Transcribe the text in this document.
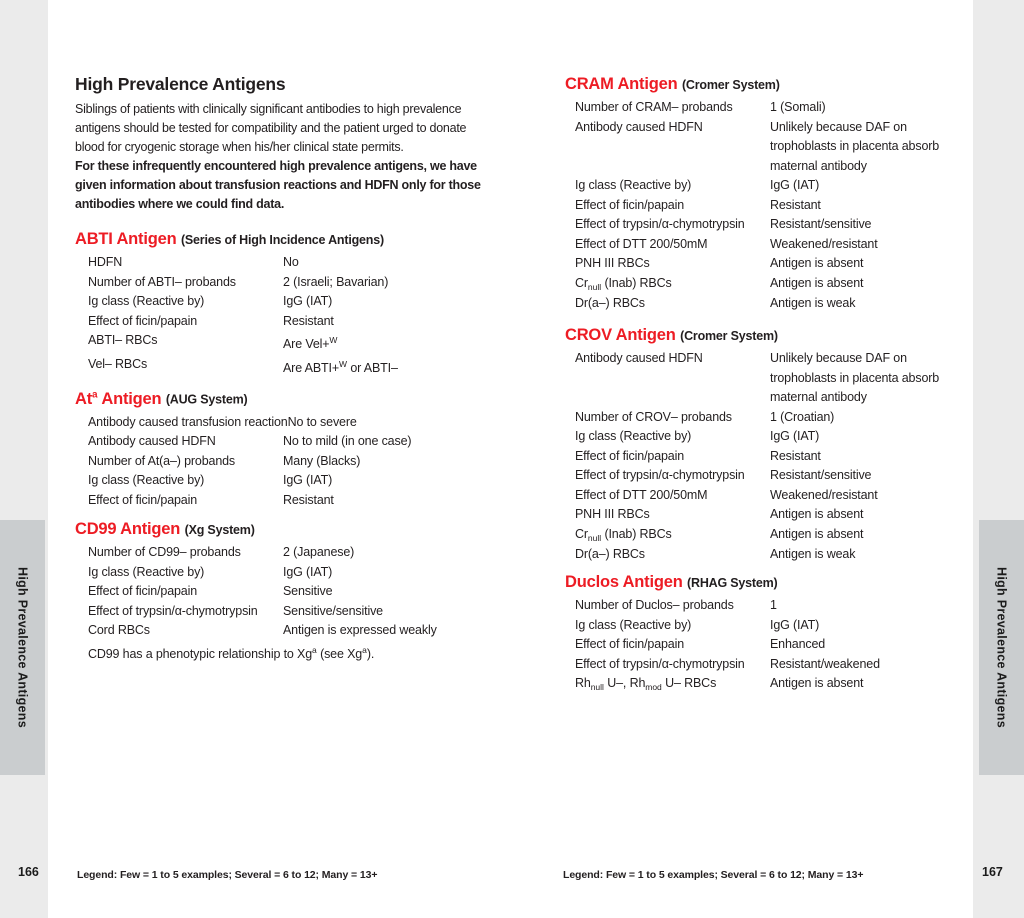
High Prevalence Antigens	High Prevalence Antigens
166	167
High Prevalence Antigens

Siblings of patients with clinically significant antibodies to high prevalence antigens should be tested for compatibility and the patient urged to donate blood for cryogenic storage when his/her clinical state permits.

For these infrequently encountered high prevalence antigens, we have given information about transfusion reactions and HDFN only for those antibodies where we could find data.

ABTI Antigen (Series of High Incidence Antigens)
HDFN	No
Number of ABTI– probands	2 (Israeli; Bavarian)
Ig class (Reactive by)	IgG (IAT)
Effect of ficin/papain	Resistant
ABTI– RBCs	Are Vel+$^W$
Vel– RBCs	Are ABTI+$^W$ or ABTI–
At$^a$ Antigen (AUG System)
Antibody caused transfusion reaction No to severe
Antibody caused HDFN	No to mild (in one case)
Number of At(a–) probands	Many (Blacks)
Ig class (Reactive by)	IgG (IAT)
Effect of ficin/papain	Resistant
CD99 Antigen (Xg System)
Number of CD99– probands	2 (Japanese)
Ig class (Reactive by)	IgG (IAT)
Effect of ficin/papain	Sensitive
Effect of trypsin/α-chymotrypsin	Sensitive/sensitive
Cord RBCs	Antigen is expressed weakly
CD99 has a phenotypic relationship to Xg$^a$ (see Xg$^a$).
Legend: Few = 1 to 5 examples; Several = 6 to 12; Many = 13+
CRAM Antigen (Cromer System)
Number of CRAM– probands	1 (Somali)
Antibody caused HDFN	Unlikely because DAF on
trophoblasts in placenta absorb
maternal antibody
Ig class (Reactive by)	IgG (IAT)
Effect of ficin/papain	Resistant
Effect of trypsin/α-chymotrypsin	Resistant/sensitive
Effect of DTT 200/50mM	Weakened/resistant
PNH III RBCs	Antigen is absent
$Cr_{null}$ (Inab) RBCs	Antigen is absent
Dr(a–) RBCs	Antigen is weak
CROV Antigen (Cromer System)
Antibody caused HDFN	Unlikely because DAF on
trophoblasts in placenta absorb
maternal antibody
Number of CROV– probands	1 (Croatian)
Ig class (Reactive by)	IgG (IAT)
Effect of ficin/papain	Resistant
Effect of trypsin/α-chymotrypsin	Resistant/sensitive
Effect of DTT 200/50mM	Weakened/resistant
PNH III RBCs	Antigen is absent
$Cr_{null}$ (Inab) RBCs	Antigen is absent
Dr(a–) RBCs	Antigen is weak
Duclos Antigen (RHAG System)
Number of Duclos– probands	1
Ig class (Reactive by)	IgG (IAT)
Effect of ficin/papain	Enhanced
Effect of trypsin/α-chymotrypsin	Resistant/weakened
$Rh_{null}$ U–, $Rh_{mod}$ U– RBCs	Antigen is absent
Legend: Few = 1 to 5 examples; Several = 6 to 12; Many = 13+
